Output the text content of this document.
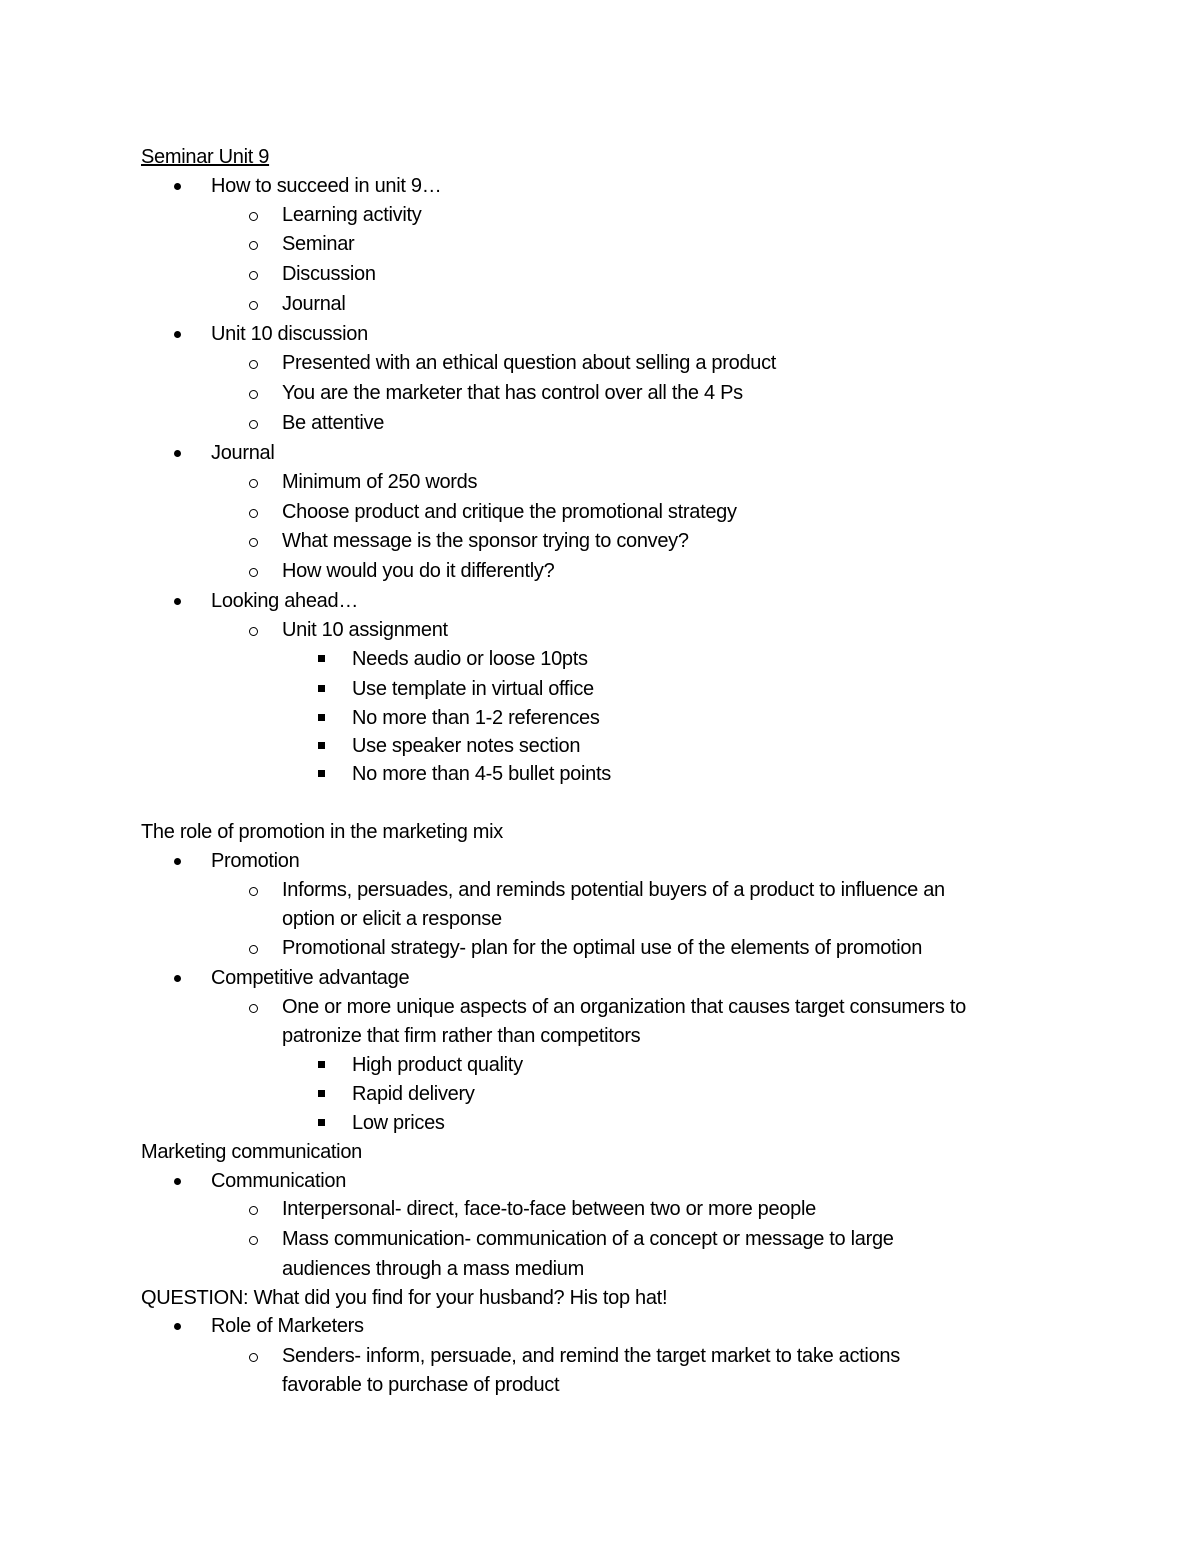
Seminar Unit 9
How to succeed in unit 9…
Learning activity
Seminar
Discussion
Journal
Unit 10 discussion
Presented with an ethical question about selling a product
You are the marketer that has control over all the 4 Ps
Be attentive
Journal
Minimum of 250 words
Choose product and critique the promotional strategy
What message is the sponsor trying to convey?
How would you do it differently?
Looking ahead…
Unit 10 assignment
Needs audio or loose 10pts
Use template in virtual office
No more than 1-2 references
Use speaker notes section
No more than 4-5 bullet points
The role of promotion in the marketing mix
Promotion
Informs, persuades, and reminds potential buyers of a product to influence an
option or elicit a response
Promotional strategy- plan for the optimal use of the elements of promotion
Competitive advantage
One or more unique aspects of an organization that causes target consumers to
patronize that firm rather than competitors
High product quality
Rapid delivery
Low prices
Marketing communication
Communication
Interpersonal- direct, face-to-face between two or more people
Mass communication- communication of a concept or message to large
audiences through a mass medium
QUESTION: What did you find for your husband? His top hat!
Role of Marketers
Senders- inform, persuade, and remind the target market to take actions
favorable to purchase of product
